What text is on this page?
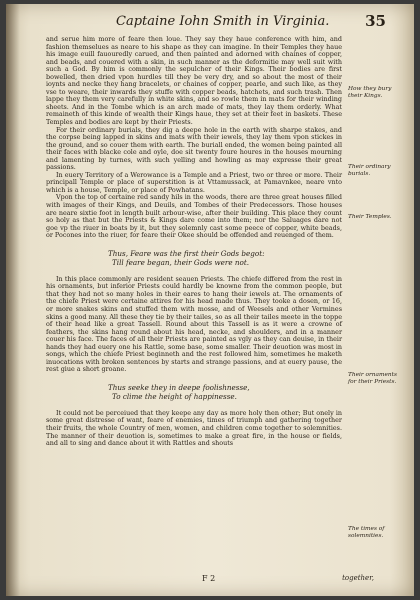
Captaine Iohn Smith in Virginia. 35

and serue him more of feare then loue. They say they haue conference with him, and fashion themselues as neare to his shape as they can imagine. In their Temples they haue his image euill fauouredly carued, and then painted and adorned with chaines of copper, and beads, and couered with a skin, in such manner as the deformitie may well suit with such a God. By him is commonly the sepulcher of their Kings. Their bodies are first bowelled, then dried vpon hurdles till they be very dry, and so about the most of their ioynts and necke they hang bracelets, or chaines of copper, pearle, and such like, as they vse to weare, their inwards they stuffe with copper beads, hatchets, and such trash. Then lappe they them very carefully in white skins, and so rowle them in mats for their winding sheets. And in the Tombe which is an arch made of mats, they lay them orderly. What remaineth of this kinde of wealth their Kings haue, they set at their feet in baskets. These Temples and bodies are kept by their Priests.

For their ordinary burials, they dig a deepe hole in the earth with sharpe stakes, and the corpse being lapped in skins and mats with their iewels, they lay them vpon stickes in the ground, and so couer them with earth. The buriall ended, the women being painted all their faces with blacke cole and oyle, doe sit twenty foure houres in the houses mourning and lamenting by turnes, with such yelling and howling as may expresse their great passions.

In euery Territory of a Werowance is a Temple and a Priest, two or three or more. Their principall Temple or place of superstition is at Vttamussack, at Pamavnkee, neare vnto which is a house, Temple, or place of Powhatans.

Vpon the top of certaine red sandy hils in the woods, there are three great houses filled with images of their Kings, and Deuils, and Tombes of their Predecessors. Those houses are neare sixtie foot in length built arbour-wise, after their building. This place they count so holy as that but the Priests & Kings dare come into them; nor the Saluages dare not goe vp the riuer in boats by it, but they solemnly cast some peece of copper, white beads, or Pocones into the riuer, for feare their Okee should be offended and reuenged of them.

Thus, Feare was the first their Gods begot:
Till feare began, their Gods were not.

In this place commonly are resident seauen Priests. The chiefe differed from the rest in his ornaments, but inferior Priests could hardly be knowne from the common people, but that they had not so many holes in their eares to hang their iewels at. The ornaments of the chiefe Priest were certaine attires for his head made thus. They tooke a dosen, or 16, or more snakes skins and stuffed them with mosse, and of Weesels and other Vermines skins a good many. All these they tie by their tailes, so as all their tailes meete in the toppe of their head like a great Tassell. Round about this Tassell is as it were a crowne of feathers, the skins hang round about his head, necke, and shoulders, and in a manner couer his face. The faces of all their Priests are painted as vgly as they can deuise, in their hands they had euery one his Rattle, some base, some smaller. Their deuotion was most in songs, which the chiefe Priest beginneth and the rest followed him, sometimes he maketh inuocations with broken sentences by starts and strange passions, and at euery pause, the rest giue a short groane.

Thus seeke they in deepe foolishnesse,
To clime the height of happinesse.

It could not be perceiued that they keepe any day as more holy then other; But onely in some great distresse of want, feare of enemies, times of triumph and gathering together their fruits, the whole Country of men, women, and children come together to solemnities. The manner of their deuotion is, sometimes to make a great fire, in the house or fields, and all to sing and dance about it with Rattles and shouts

How they bury their Kings.
Their ordinary burials.
Their Temples.
Their ornaments for their Priests.
The times of solemnities.
F 2	together,
